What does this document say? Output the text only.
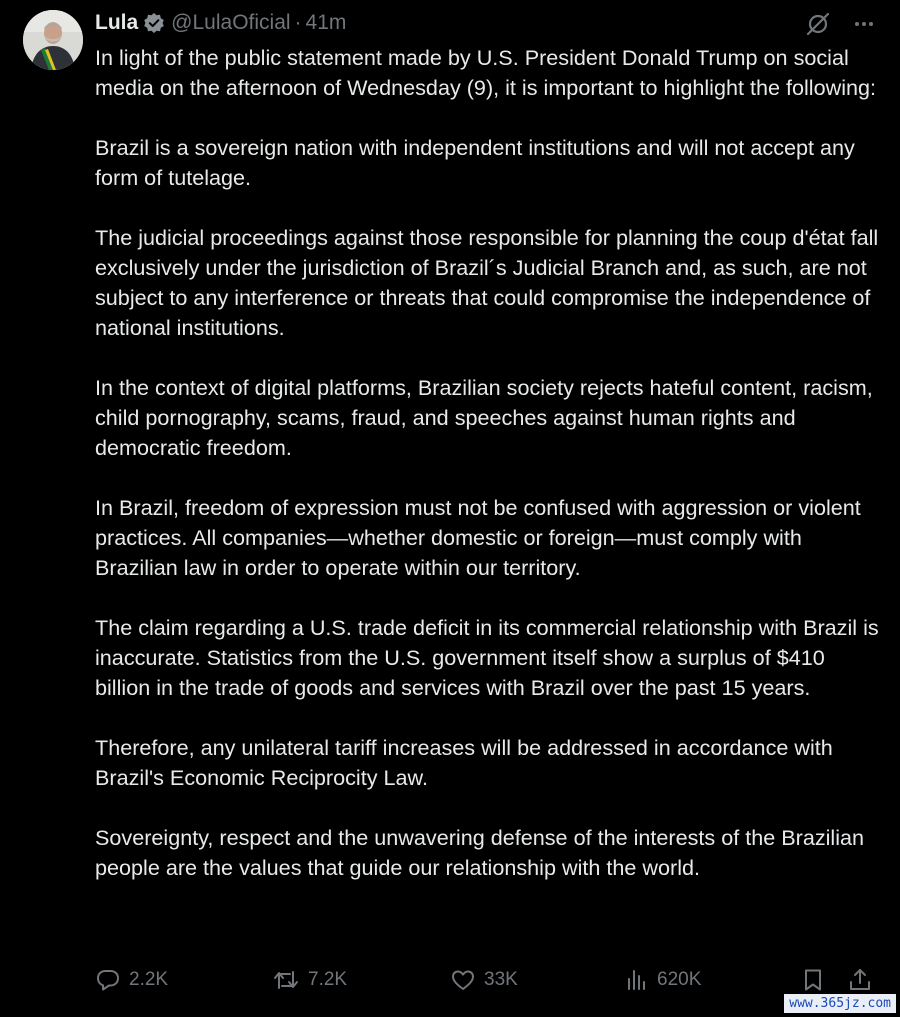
Lula @LulaOficial · 41m

In light of the public statement made by U.S. President Donald Trump on social media on the afternoon of Wednesday (9), it is important to highlight the following:

Brazil is a sovereign nation with independent institutions and will not accept any form of tutelage.

The judicial proceedings against those responsible for planning the coup d'état fall exclusively under the jurisdiction of Brazil´s Judicial Branch and, as such, are not subject to any interference or threats that could compromise the independence of national institutions.

In the context of digital platforms, Brazilian society rejects hateful content, racism, child pornography, scams, fraud, and speeches against human rights and democratic freedom.

In Brazil, freedom of expression must not be confused with aggression or violent practices. All companies—whether domestic or foreign—must comply with Brazilian law in order to operate within our territory.

The claim regarding a U.S. trade deficit in its commercial relationship with Brazil is inaccurate. Statistics from the U.S. government itself show a surplus of $410 billion in the trade of goods and services with Brazil over the past 15 years.

Therefore, any unilateral tariff increases will be addressed in accordance with Brazil's Economic Reciprocity Law.

Sovereignty, respect and the unwavering defense of the interests of the Brazilian people are the values that guide our relationship with the world.

2.2K	7.2K	33K	620K
www.365jz.com
